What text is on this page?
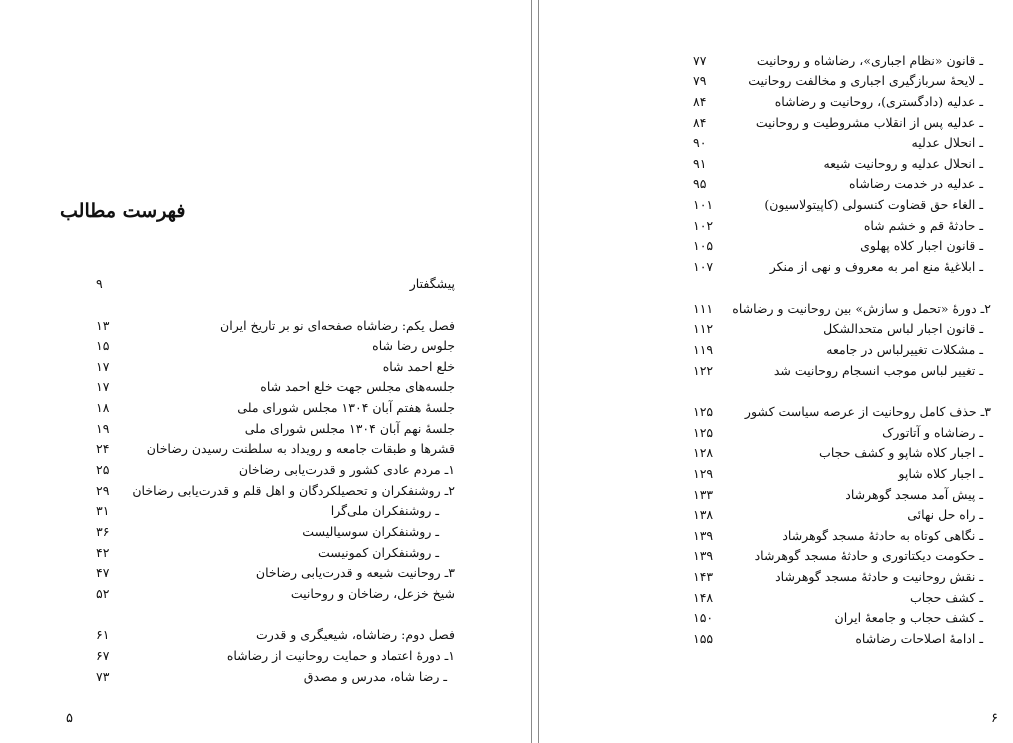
فهرست مطالب
پیشگفتار
۹
فصل یکم: رضاشاه صفحه‌ای نو بر تاریخ ایران
۱۳
جلوس رضا شاه
۱۵
خلع احمد شاه
۱۷
جلسه‌های مجلس جهت خلع احمد شاه
۱۷
جلسهٔ هفتم آبان ۱۳۰۴ مجلس شورای ملی
۱۸
جلسهٔ نهم آبان ۱۳۰۴ مجلس شورای ملی
۱۹
قشرها و طبقات جامعه و رویداد به سلطنت رسیدن رضاخان
۲۴
۱ـ مردم عادی کشور و قدرت‌یابی رضاخان
۲۵
۲ـ روشنفکران و تحصیلکردگان و اهل قلم و قدرت‌یابی رضاخان
۲۹
ـ روشنفکران ملی‌گرا
۳۱
ـ روشنفکران سوسیالیست
۳۶
ـ روشنفکران کمونیست
۴۲
۳ـ روحانیت شیعه و قدرت‌یابی رضاخان
۴۷
شیخ خزعل، رضاخان و روحانیت
۵۲
فصل دوم: رضاشاه، شیعیگری و قدرت
۶۱
۱ـ دورهٔ اعتماد و حمایت روحانیت از رضاشاه
۶۷
ـ رضا شاه، مدرس و مصدق
۷۳
۵
ـ قانون «نظام اجباری»، رضاشاه و روحانیت
۷۷
ـ لایحهٔ سربازگیری اجباری و مخالفت روحانیت
۷۹
ـ عدلیه (دادگستری)، روحانیت و رضاشاه
۸۴
ـ عدلیه پس از انقلاب مشروطیت و روحانیت
۸۴
ـ انحلال عدلیه
۹۰
ـ انحلال عدلیه و روحانیت شیعه
۹۱
ـ عدلیه در خدمت رضاشاه
۹۵
ـ الغاء حق قضاوت کنسولی (کاپیتولاسیون)
۱۰۱
ـ حادثهٔ قم و خشم شاه
۱۰۲
ـ قانون اجبار کلاه پهلوی
۱۰۵
ـ ابلاغیهٔ منع امر به معروف و نهی از منکر
۱۰۷
۲ـ دورهٔ «تحمل و سازش» بین روحانیت و رضاشاه
۱۱۱
ـ قانون اجبار لباس متحدالشکل
۱۱۲
ـ مشکلات تغییرلباس در جامعه
۱۱۹
ـ تغییر لباس موجب انسجام روحانیت شد
۱۲۲
۳ـ حذف کامل روحانیت از عرصه سیاست کشور
۱۲۵
ـ رضاشاه و آتاتورک
۱۲۵
ـ اجبار کلاه شاپو و کشف حجاب
۱۲۸
ـ اجبار کلاه شاپو
۱۲۹
ـ پیش آمد مسجد گوهرشاد
۱۳۳
ـ راه حل نهائی
۱۳۸
ـ نگاهی کوتاه به حادثهٔ مسجد گوهرشاد
۱۳۹
ـ حکومت دیکتاتوری و حادثهٔ مسجد گوهرشاد
۱۳۹
ـ نقش روحانیت و حادثهٔ مسجد گوهرشاد
۱۴۳
ـ کشف حجاب
۱۴۸
ـ کشف حجاب و جامعهٔ ایران
۱۵۰
ـ ادامهٔ اصلاحات رضاشاه
۱۵۵
۶
